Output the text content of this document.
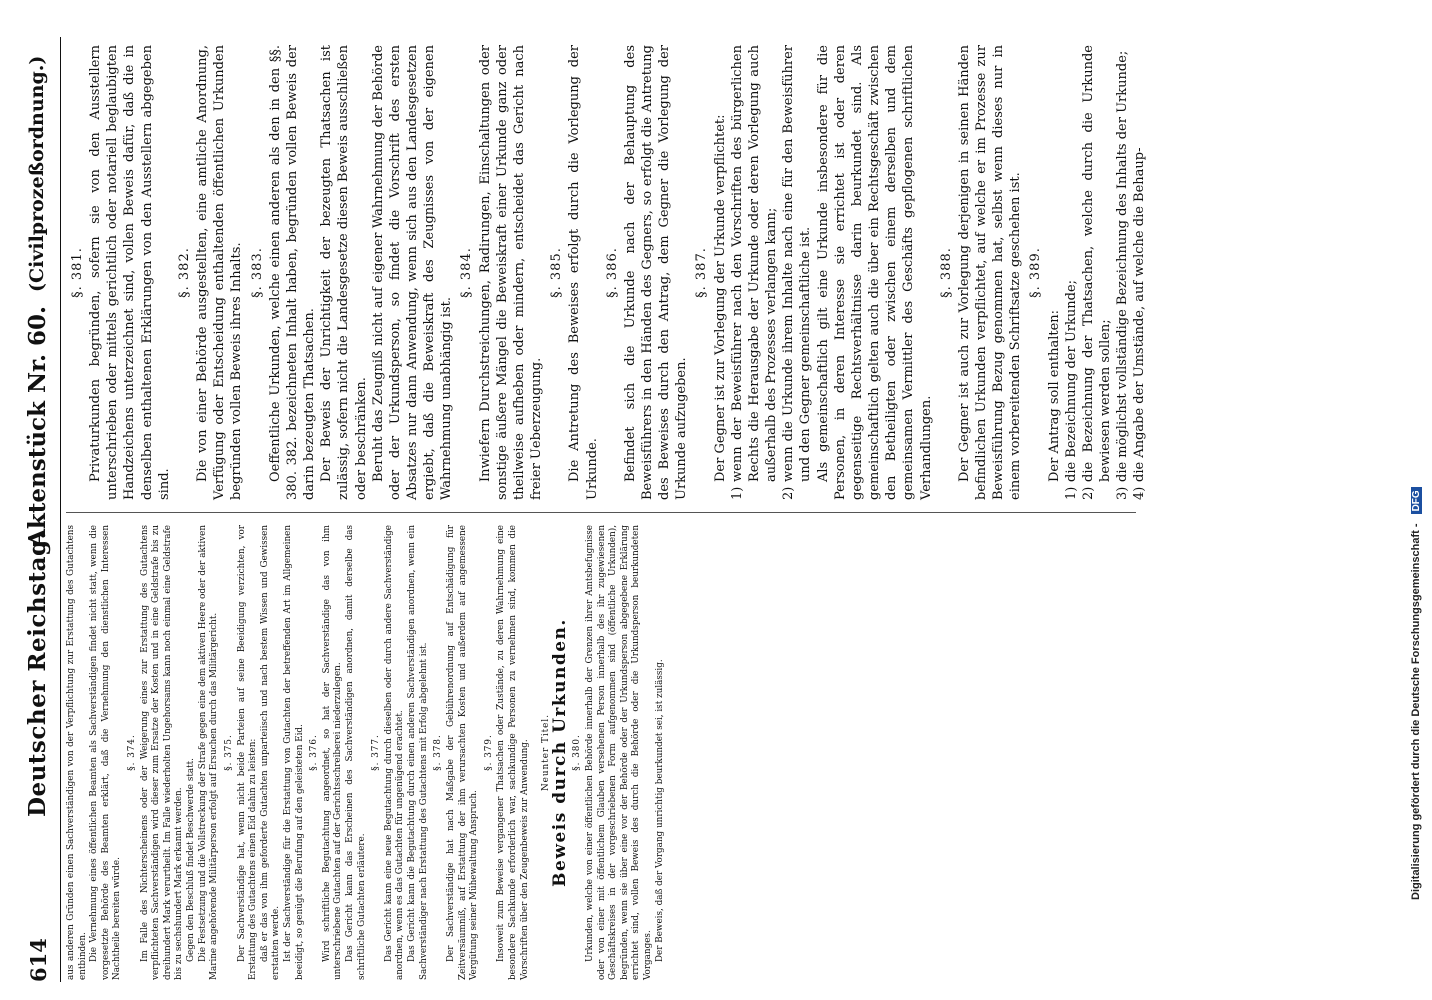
614
Deutscher Reichstag.
Aktenstück Nr. 60.
(Civilprozeßordnung.)

aus anderen Gründen einen Sachverständigen von der Verpflichtung zur Erstattung des Gutachtens entbinden. Die Vernehmung eines öffentlichen Beamten als Sachverständigen findet nicht statt, wenn die vorgesetzte Behörde des Beamten erklärt, daß die Vernehmung den dienstlichen Interessen Nachtheile bereiten würde.

§. 374. Im Falle des Nichterscheinens oder der Weigerung eines zur Erstattung des Gutachtens verpflichteten Sachverständigen wird dieser zum Ersatze der Kosten und in eine Geldstrafe bis zu dreihundert Mark verurtheilt. Im Falle wiederholten Ungehorsams kann noch einmal eine Geldstrafe bis zu sechshundert Mark erkannt werden. Gegen den Beschluß findet Beschwerde statt. Die Festsetzung und die Vollstreckung der Strafe gegen eine dem aktiven Heere oder der aktiven Marine angehörende Militärperson erfolgt auf Ersuchen durch das Militärgericht. §. 375. Der Sachverständige hat, wenn nicht beide Parteien auf seine Beeidigung verzichten, vor Erstattung des Gutachtens einen Eid dahin zu leisten: daß er das von ihm geforderte Gutachten unparteiisch und nach bestem Wissen und Gewissen erstatten werde. Ist der Sachverständige für die Erstattung von Gutachten der betreffenden Art im Allgemeinen beeidigt, so genügt die Berufung auf den geleisteten Eid. §. 376. Wird schriftliche Begutachtung angeordnet, so hat der Sachverständige das von ihm unterschriebene Gutachten auf der Gerichtsschreiberei niederzulegen. Das Gericht kann das Erscheinen des Sachverständigen anordnen, damit derselbe das schriftliche Gutachten erläutere.

§. 377. Das Gericht kann eine neue Begutachtung durch dieselben oder durch andere Sachverständige anordnen, wenn es das Gutachten für ungenügend erachtet. Das Gericht kann die Begutachtung durch einen anderen Sachverständigen anordnen, wenn ein Sachverständiger nach Erstattung des Gutachtens mit Erfolg abgelehnt ist. §. 378. Der Sachverständige hat nach Maßgabe der Gebührenordnung auf Entschädigung für Zeitversäumniß, auf Erstattung der ihm verursachten Kosten und außerdem auf angemessene Vergütung seiner Mühewaltung Anspruch.

§. 379. Insoweit zum Beweise vergangener Thatsachen oder Zustände, zu deren Wahrnehmung eine besondere Sachkunde erforderlich war, sachkundige Personen zu vernehmen sind, kommen die Vorschriften über den Zeugenbeweis zur Anwendung. Neunter Titel.
Beweis durch Urkunden. §. 380. Urkunden, welche von einer öffentlichen Behörde innerhalb der Grenzen ihrer Amtsbefugnisse oder von einer mit öffentlichem Glauben versehenen Person innerhalb des ihr zugewiesenen Geschäftskreises in der vorgeschriebenen Form aufgenommen sind (öffentliche Urkunden), begründen, wenn sie über eine vor der Behörde oder der Urkundsperson abgegebene Erklärung errichtet sind, vollen Beweis des durch die Behörde oder die Urkundsperson beurkundeten Vorganges. Der Beweis, daß der Vorgang unrichtig beurkundet sei, ist zulässig.

§. 381. Privaturkunden begründen, sofern sie von den Ausstellern unterschrieben oder mittels gerichtlich oder notariell beglaubigten Handzeichens unterzeichnet sind, vollen Beweis dafür, daß die in denselben enthaltenen Erklärungen von den Ausstellern abgegeben sind.

§. 382. Die von einer Behörde ausgestellten, eine amtliche Anordnung, Verfügung oder Entscheidung enthaltenden öffentlichen Urkunden begründen vollen Beweis ihres Inhalts. §. 383. Oeffentliche Urkunden, welche einen anderen als den in den §§. 380. 382. bezeichneten Inhalt haben, begründen vollen Beweis der darin bezeugten Thatsachen. Der Beweis der Unrichtigkeit der bezeugten Thatsachen ist zulässig, sofern nicht die Landesgesetze diesen Beweis ausschließen oder beschränken. Beruht das Zeugniß nicht auf eigener Wahrnehmung der Behörde oder der Urkundsperson, so findet die Vorschrift des ersten Absatzes nur dann Anwendung, wenn sich aus den Landesgesetzen ergiebt, daß die Beweiskraft des Zeugnisses von der eigenen Wahrnehmung unabhängig ist.

§. 384. Inwiefern Durchstreichungen, Radirungen, Einschaltungen oder sonstige äußere Mängel die Beweiskraft einer Urkunde ganz oder theilweise aufheben oder mindern, entscheidet das Gericht nach freier Ueberzeugung.

§. 385. Die Antretung des Beweises erfolgt durch die Vorlegung der Urkunde.

§. 386. Befindet sich die Urkunde nach der Behauptung des Beweisführers in den Händen des Gegners, so erfolgt die Antretung des Beweises durch den Antrag, dem Gegner die Vorlegung der Urkunde aufzugeben.

§. 387. Der Gegner ist zur Vorlegung der Urkunde verpflichtet:

1)
wenn der Beweisführer nach den Vorschriften des bürgerlichen Rechts die Herausgabe der Urkunde oder deren Vorlegung auch außerhalb des Prozesses verlangen kann;

2)
wenn die Urkunde ihrem Inhalte nach eine für den Beweisführer und den Gegner gemeinschaftliche ist. Als gemeinschaftlich gilt eine Urkunde insbesondere für die Personen, in deren Interesse sie errichtet ist oder deren gegenseitige Rechtsverhältnisse darin beurkundet sind. Als gemeinschaftlich gelten auch die über ein Rechtsgeschäft zwischen den Betheiligten oder zwischen einem derselben und dem gemeinsamen Vermittler des Geschäfts gepflogenen schriftlichen Verhandlungen.

§. 388. Der Gegner ist auch zur Vorlegung derjenigen in seinen Händen befindlichen Urkunden verpflichtet, auf welche er im Prozesse zur Beweisführung Bezug genommen hat, selbst wenn dieses nur in einem vorbereitenden Schriftsatze geschehen ist. §. 389.

Der Antrag soll enthalten:

1)
die Bezeichnung der Urkunde;

2)
die Bezeichnung der Thatsachen, welche durch die Urkunde bewiesen werden sollen;

3)
die möglichst vollständige Bezeichnung des Inhalts der Urkunde;

4)
die Angabe der Umstände, auf welche die Behaup-

Digitalisierung gefördert durch die Deutsche Forschungsgemeinschaft - DFG
